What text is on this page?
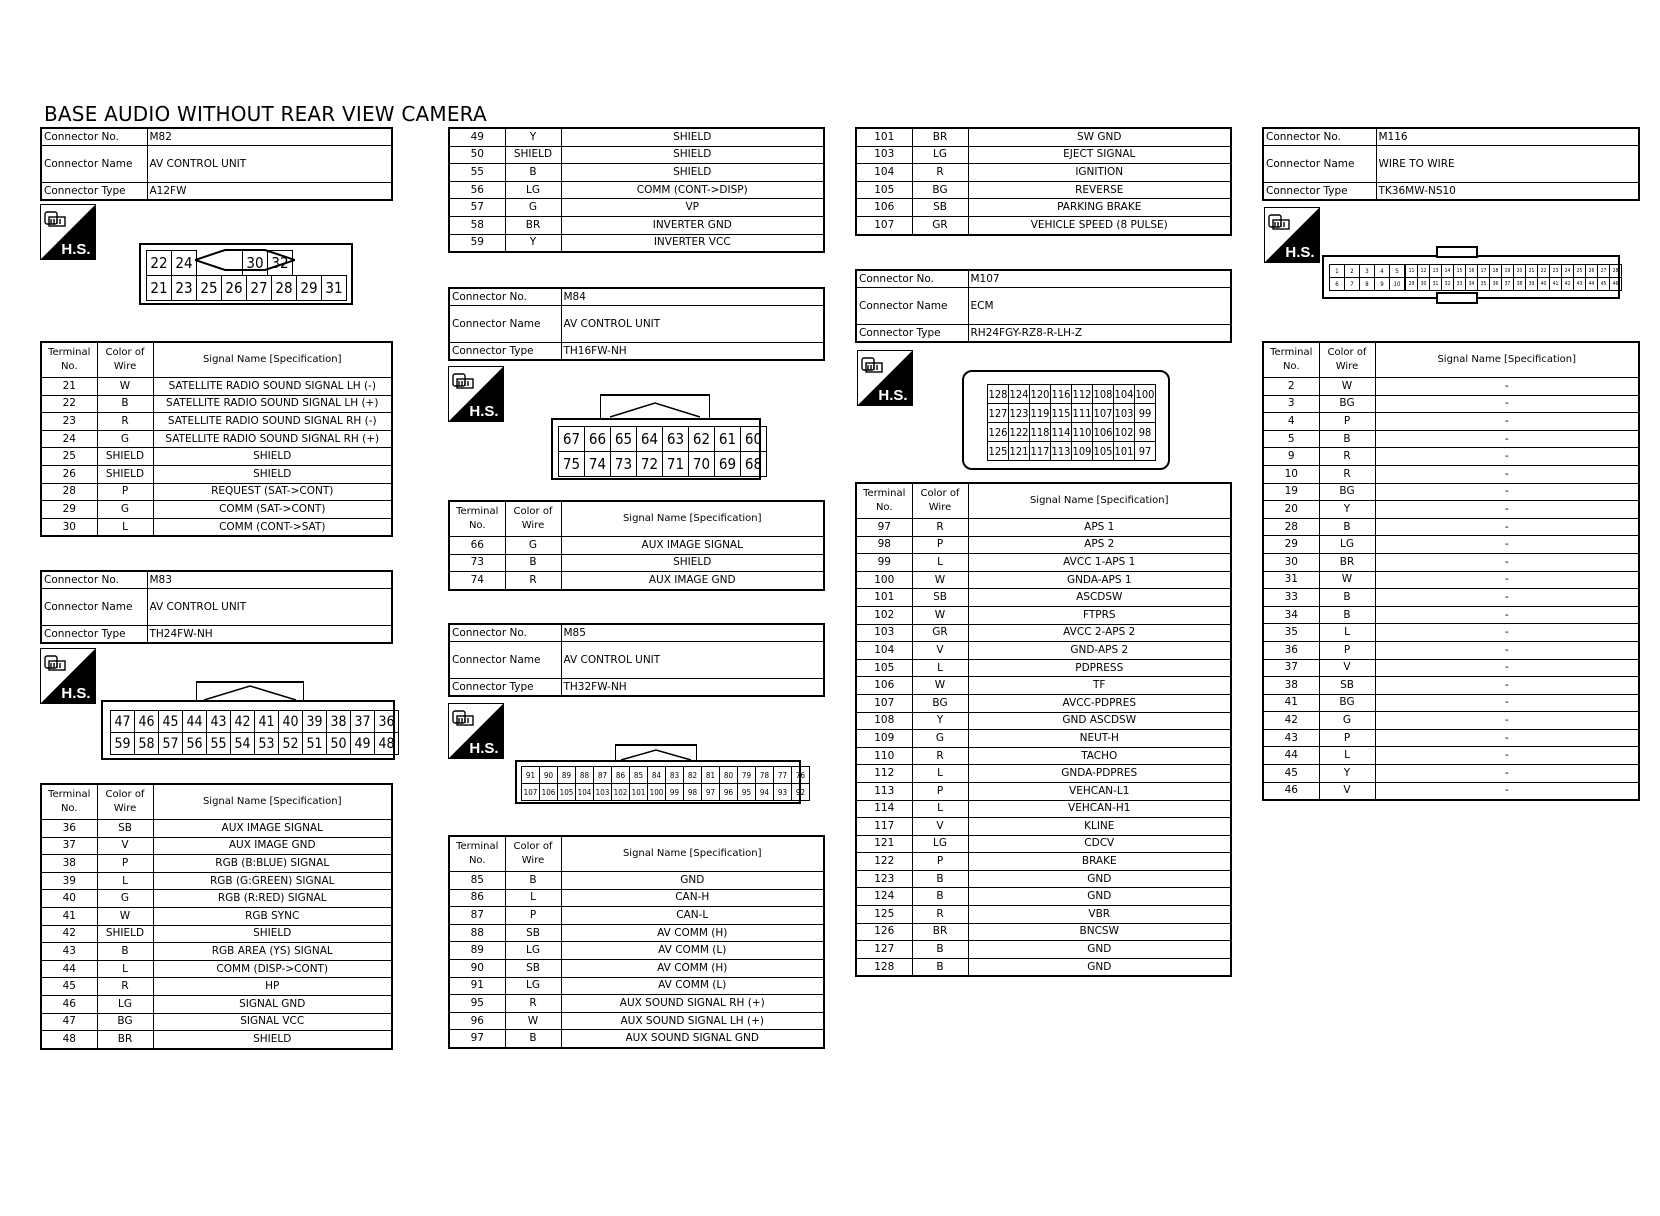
BASE AUDIO WITHOUT REAR VIEW CAMERA
Connector No.	M82
Connector Name	AV CONTROL UNIT
Connector Type	A12FW
H.S.
22 24	30 32
21 23 25 26 27 28 29 31
Terminal No.	Color of Wire	Signal Name [Specification]
21	W	SATELLITE RADIO SOUND SIGNAL LH (-)
22	B	SATELLITE RADIO SOUND SIGNAL LH (+)
23	R	SATELLITE RADIO SOUND SIGNAL RH (-)
24	G	SATELLITE RADIO SOUND SIGNAL RH (+)
25	SHIELD	SHIELD
26	SHIELD	SHIELD
28	P	REQUEST (SAT->CONT)
29	G	COMM (SAT->CONT)
30	L	COMM (CONT->SAT)
Connector No.	M83
Connector Name	AV CONTROL UNIT
Connector Type	TH24FW-NH
H.S.
47 46 45 44 43 42 41 40 39 38 37 36
59 58 57 56 55 54 53 52 51 50 49 48
Terminal No.	Color of Wire	Signal Name [Specification]
36	SB	AUX IMAGE SIGNAL
37	V	AUX IMAGE GND
38	P	RGB (B:BLUE) SIGNAL
39	L	RGB (G:GREEN) SIGNAL
40	G	RGB (R:RED) SIGNAL
41	W	RGB SYNC
42	SHIELD	SHIELD
43	B	RGB AREA (YS) SIGNAL
44	L	COMM (DISP->CONT)
45	R	HP
46	LG	SIGNAL GND
47	BG	SIGNAL VCC
48	BR	SHIELD
49	Y	SHIELD
50	SHIELD	SHIELD
55	B	SHIELD
56	LG	COMM (CONT->DISP)
57	G	VP
58	BR	INVERTER GND
59	Y	INVERTER VCC
Connector No.	M84
Connector Name	AV CONTROL UNIT
Connector Type	TH16FW-NH
H.S.
67 66 65 64 63 62 61 60
75 74 73 72 71 70 69 68
Terminal No.	Color of Wire	Signal Name [Specification]
66	G	AUX IMAGE SIGNAL
73	B	SHIELD
74	R	AUX IMAGE GND
Connector No.	M85
Connector Name	AV CONTROL UNIT
Connector Type	TH32FW-NH
H.S.
91	90	89	88	87	86	85	84	83	82	81	80	79	78	77	76
107 106 105 104 103 102 101 100 99	98	97	96	95	94	93	92
Terminal No.	Color of Wire	Signal Name [Specification]
85	B	GND
86	L	CAN-H
87	P	CAN-L
88	SB	AV COMM (H)
89	LG	AV COMM (L)
90	SB	AV COMM (H)
91	LG	AV COMM (L)
95	R	AUX SOUND SIGNAL RH (+)
96	W	AUX SOUND SIGNAL LH (+)
97	B	AUX SOUND SIGNAL GND
101	BR	SW GND
103	LG	EJECT SIGNAL
104	R	IGNITION
105	BG	REVERSE
106	SB	PARKING BRAKE
107	GR	VEHICLE SPEED (8 PULSE)
Connector No.	M107
Connector Name	ECM
Connector Type	RH24FGY-RZ8-R-LH-Z
H.S.	128 124 120 116 112 108 104 100
127 123 119 115 111 107 103 99
126 122 118 114 110 106 102 98
125 121 117 113 109 105 101 97
Terminal No.	Color of Wire	Signal Name [Specification]
97	R	APS 1
98	P	APS 2
99	L	AVCC 1-APS 1
100	W	GNDA-APS 1
101	SB	ASCDSW
102	W	FTPRS
103	GR	AVCC 2-APS 2
104	V	GND-APS 2
105	L	PDPRESS
106	W	TF
107	BG	AVCC-PDPRES
108	Y	GND ASCDSW
109	G	NEUT-H
110	R	TACHO
112	L	GNDA-PDPRES
113	P	VEHCAN-L1
114	L	VEHCAN-H1
117	V	KLINE
121	LG	CDCV
122	P	BRAKE
123	B	GND
124	B	GND
125	R	VBR
126	BR	BNCSW
127	B	GND
128	B	GND
Connector No.	M116
Connector Name	WIRE TO WIRE
Connector Type	TK36MW-NS10
H.S.
1	2	3	4	5
6	7	8	9	10
11	12	13	14	15	16	17	18	19	20	21	22	23	24	25	26	27	28
29	30	31	32	33	34	35	36	37	38	39	40	41	42	43	44	45	46
Terminal No.	Color of Wire	Signal Name [Specification]
2	W	-
3	BG	-
4	P	-
5	B	-
9	R	-
10	R	-
19	BG	-
20	Y	-
28	B	-
29	LG	-
30	BR	-
31	W	-
33	B	-
34	B	-
35	L	-
36	P	-
37	V	-
38	SB	-
41	BG	-
42	G	-
43	P	-
44	L	-
45	Y	-
46	V	-
